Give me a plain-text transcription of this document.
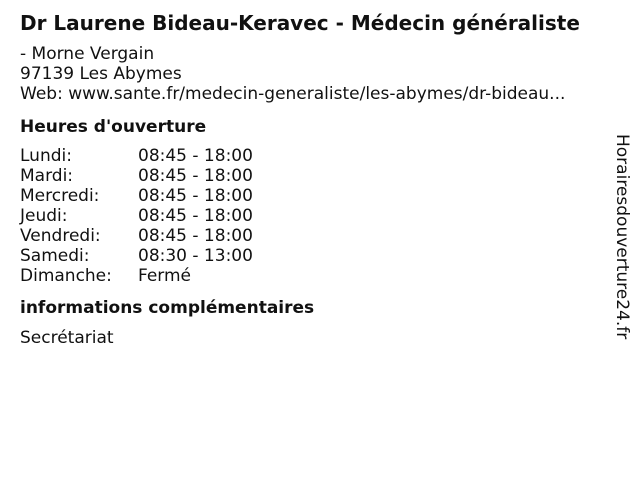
Dr Laurene Bideau-Keravec - Médecin généraliste
- Morne Vergain
97139 Les Abymes
Web: www.sante.fr/medecin-generaliste/les-abymes/dr-bideau...
Heures d'ouverture
Lundi:	08:45 - 18:00
Mardi:	08:45 - 18:00
Mercredi:	08:45 - 18:00
Jeudi:	08:45 - 18:00
Vendredi:	08:45 - 18:00
Samedi:	08:30 - 13:00
Dimanche:	Fermé
informations complémentaires
Secrétariat	Horairesdouverture24.fr
